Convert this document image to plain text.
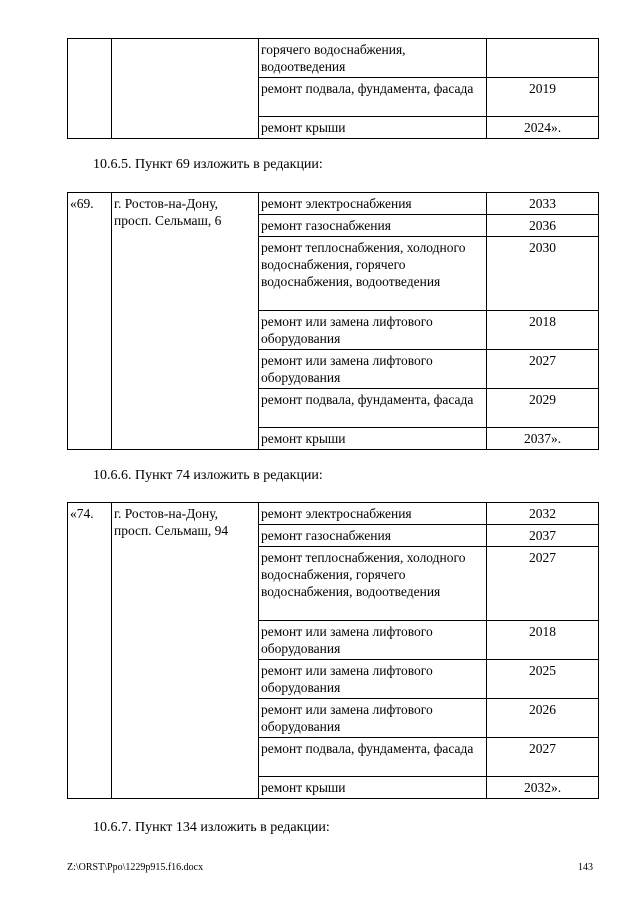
		горячего водоснабжения, водоотведения	
		ремонт подвала, фундамента, фасада	2019
		ремонт крыши	2024».
10.6.5. Пункт 69 изложить в редакции:
«69.	г. Ростов-на-Дону, просп. Сельмаш, 6	ремонт электроснабжения	2033
		ремонт газоснабжения	2036
		ремонт теплоснабжения, холодного водоснабжения, горячего водоснабжения, водоотведения	2030
		ремонт или замена лифтового оборудования	2018
		ремонт или замена лифтового оборудования	2027
		ремонт подвала, фундамента, фасада	2029
		ремонт крыши	2037».
10.6.6. Пункт 74 изложить в редакции:
«74.	г. Ростов-на-Дону, просп. Сельмаш, 94	ремонт электроснабжения	2032
		ремонт газоснабжения	2037
		ремонт теплоснабжения, холодного водоснабжения, горячего водоснабжения, водоотведения	2027
		ремонт или замена лифтового оборудования	2018
		ремонт или замена лифтового оборудования	2025
		ремонт или замена лифтового оборудования	2026
		ремонт подвала, фундамента, фасада	2027
		ремонт крыши	2032».
10.6.7. Пункт 134 изложить в редакции:
Z:\ORST\Ppo\1229p915.f16.docx	143
